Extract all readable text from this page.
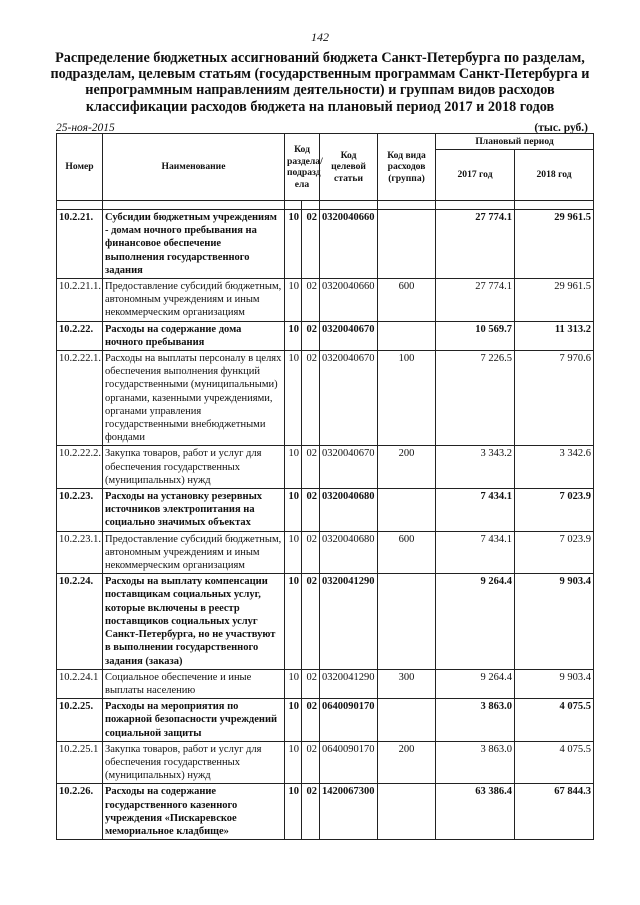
142
Распределение бюджетных ассигнований бюджета Санкт-Петербурга по разделам, подразделам, целевым статьям (государственным программам Санкт-Петербурга и непрограммным направлениям деятельности) и группам видов расходов классификации расходов бюджета на плановый период 2017 и 2018 годов
25-ноя-2015	(тыс. руб.)
Номер	Наименование	Код раздела/ подразд ела		Код целевой статьи	Код вида расходов (группа)	Плановый период	
						2017 год	2018 год

10.2.21.	Субсидии бюджетным учреждениям - домам ночного пребывания на финансовое обеспечение выполнения государственного задания	10	02	0320040660		27 774.1	29 961.5
10.2.21.1.	Предоставление субсидий бюджетным, автономным учреждениям и иным некоммерческим организациям	10	02	0320040660	600	27 774.1	29 961.5
10.2.22.	Расходы на содержание дома ночного пребывания	10	02	0320040670		10 569.7	11 313.2
10.2.22.1.	Расходы на выплаты персоналу в целях обеспечения выполнения функций государственными (муниципальными) органами, казенными учреждениями, органами управления государственными внебюджетными фондами	10	02	0320040670	100	7 226.5	7 970.6
10.2.22.2.	Закупка товаров, работ и услуг для обеспечения государственных (муниципальных) нужд	10	02	0320040670	200	3 343.2	3 342.6
10.2.23.	Расходы на установку резервных источников электропитания на социально значимых объектах	10	02	0320040680		7 434.1	7 023.9
10.2.23.1.	Предоставление субсидий бюджетным, автономным учреждениям и иным некоммерческим организациям	10	02	0320040680	600	7 434.1	7 023.9
10.2.24.	Расходы на выплату компенсации поставщикам социальных услуг, которые включены в реестр поставщиков социальных услуг Санкт-Петербурга, но не участвуют в выполнении государственного задания (заказа)	10	02	0320041290		9 264.4	9 903.4
10.2.24.1	Социальное обеспечение и иные выплаты населению	10	02	0320041290	300	9 264.4	9 903.4
10.2.25.	Расходы на мероприятия по пожарной безопасности учреждений социальной защиты	10	02	0640090170		3 863.0	4 075.5
10.2.25.1	Закупка товаров, работ и услуг для обеспечения государственных (муниципальных) нужд	10	02	0640090170	200	3 863.0	4 075.5
10.2.26.	Расходы на содержание государственного казенного учреждения «Пискаревское мемориальное кладбище»	10	02	1420067300		63 386.4	67 844.3
